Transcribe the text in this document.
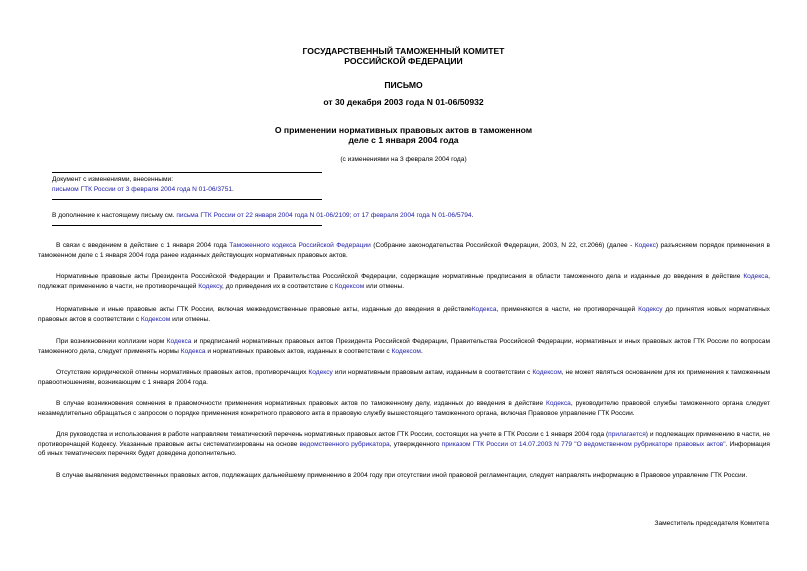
ГОСУДАРСТВЕННЫЙ ТАМОЖЕННЫЙ КОМИТЕТ
РОССИЙСКОЙ ФЕДЕРАЦИИ
ПИСЬМО
от 30 декабря 2003 года N 01-06/50932
О применении нормативных правовых актов в таможенном
деле с 1 января 2004 года
(с изменениями на 3 февраля 2004 года)
Документ с изменениями, внесенными:
письмом ГТК России от 3 февраля 2004 года N 01-06/3751.
В дополнение к настоящему письму см. письма ГТК России от 22 января 2004 года N 01-06/2109; от 17 февраля 2004 года N 01-06/5794.

В связи с введением в действие с 1 января 2004 года Таможенного кодекса Российской Федерации (Собрание законодательства Российской Федерации, 2003, N 22, ст.2066) (далее - Кодекс) разъясняем порядок применения в таможенном деле с 1 января 2004 года ранее изданных действующих нормативных правовых актов.

Нормативные правовые акты Президента Российской Федерации и Правительства Российской Федерации, содержащие нормативные предписания в области таможенного дела и изданные до введения в действие Кодекса, подлежат применению в части, не противоречащей Кодексу, до приведения их в соответствие с Кодексом или отмены.

Нормативные и иные правовые акты ГТК России, включая межведомственные правовые акты, изданные до введения в действиеКодекса, применяются в части, не противоречащей Кодексу до принятия новых нормативных правовых актов в соответствии с Кодексом или отмены.

При возникновении коллизии норм Кодекса и предписаний нормативных правовых актов Президента Российской Федерации, Правительства Российской Федерации, нормативных и иных правовых актов ГТК России по вопросам таможенного дела, следует применять нормы Кодекса и нормативных правовых актов, изданных в соответствии с Кодексом.

Отсутствие юридической отмены нормативных правовых актов, противоречащих Кодексу или нормативным правовым актам, изданным в соответствии с Кодексом, не может являться основанием для их применения к таможенным правоотношениям, возникающим с 1 января 2004 года.

В случае возникновения сомнения в правомочности применения нормативных правовых актов по таможенному делу, изданных до введения в действие Кодекса, руководителю правовой службы таможенного органа следует незамедлительно обращаться с запросом о порядке применения конкретного правового акта в правовую службу вышестоящего таможенного органа, включая Правовое управление ГТК России.

Для руководства и использования в работе направляем тематический перечень нормативных правовых актов ГТК России, состоящих на учете в ГТК России с 1 января 2004 года (прилагается) и подлежащих применению в части, не противоречащей Кодексу. Указанные правовые акты систематизированы на основе ведомственного рубрикатора, утвержденного приказом ГТК России от 14.07.2003 N 779 "О ведомственном рубрикаторе правовых актов". Информация об иных тематических перечнях будет доведена дополнительно.

В случае выявления ведомственных правовых актов, подлежащих дальнейшему применению в 2004 году при отсутствии иной правовой регламентации, следует направлять информацию в Правовое управление ГТК России.

Заместитель председателя Комитета
